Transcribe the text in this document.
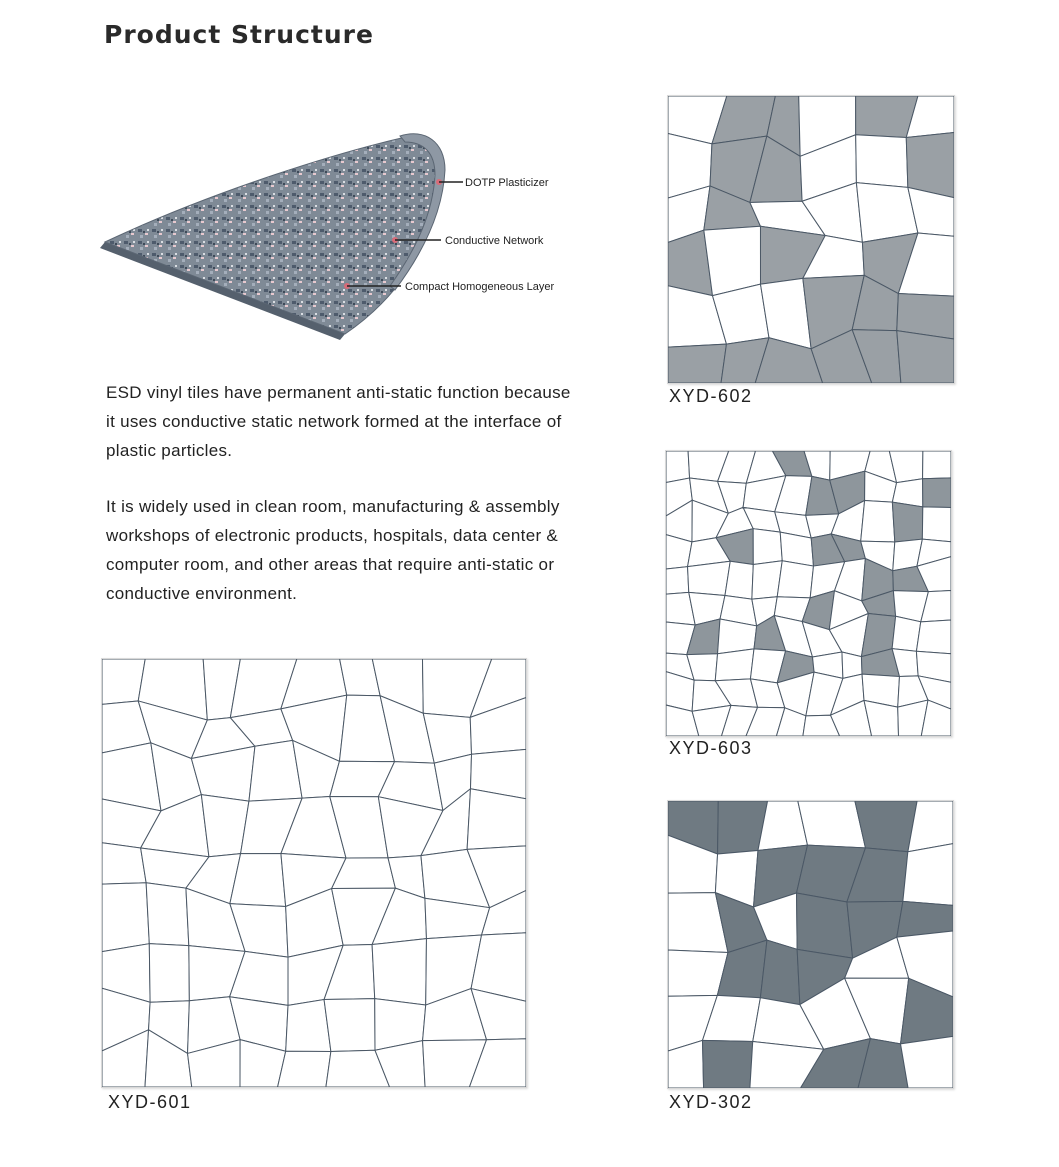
Product Structure
DOTP Plasticizer
Conductive Network
Compact Homogeneous Layer
ESD vinyl tiles have permanent anti-static function because it uses conductive static network formed at the interface of plastic particles.
It is widely used in clean room, manufacturing & assembly workshops of electronic products, hospitals, data center & computer room, and other areas that require anti-static or conductive environment.
XYD-602
XYD-603
XYD-601	XYD-302
